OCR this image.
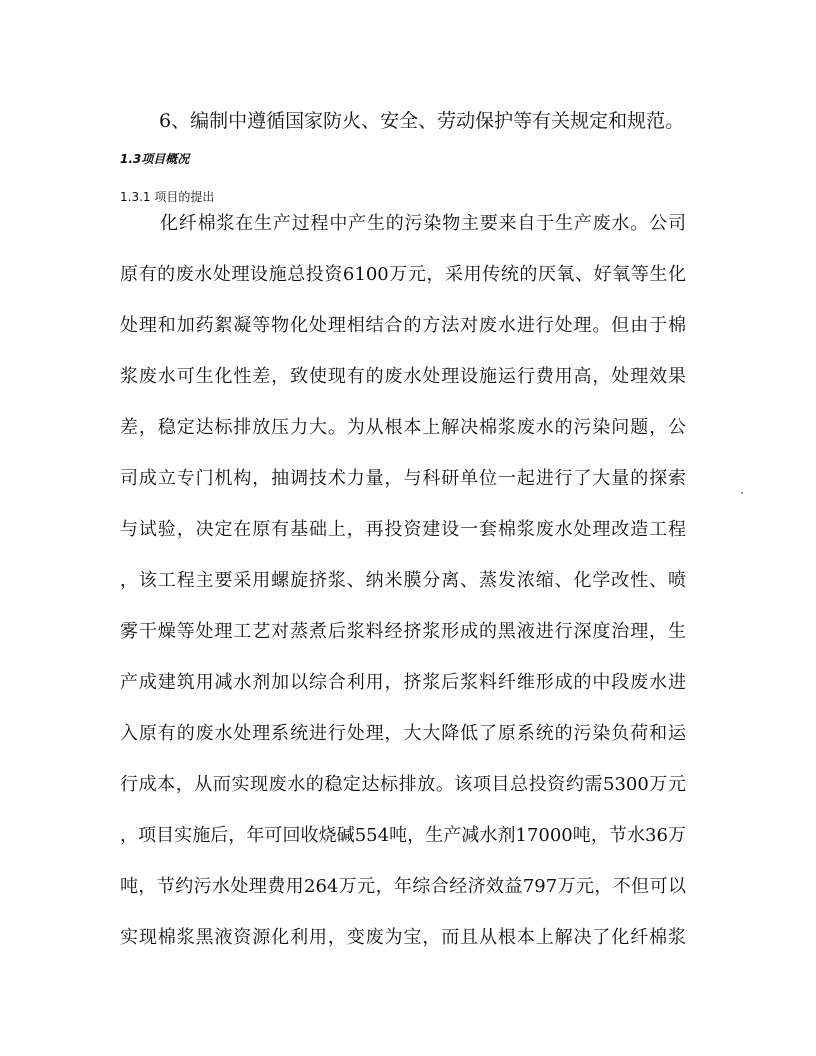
6、编制中遵循国家防火、安全、劳动保护等有关规定和规范。
1.3项目概况
1.3.1 项目的提出
化纤棉浆在生产过程中产生的污染物主要来自于生产废水。公司
原有的废水处理设施总投资6100万元，采用传统的厌氧、好氧等生化
处理和加药絮凝等物化处理相结合的方法对废水进行处理。但由于棉
浆废水可生化性差，致使现有的废水处理设施运行费用高，处理效果
差，稳定达标排放压力大。为从根本上解决棉浆废水的污染问题，公
司成立专门机构，抽调技术力量，与科研单位一起进行了大量的探索
与试验，决定在原有基础上，再投资建设一套棉浆废水处理改造工程
，该工程主要采用螺旋挤浆、纳米膜分离、蒸发浓缩、化学改性、喷
雾干燥等处理工艺对蒸煮后浆料经挤浆形成的黑液进行深度治理，生
产成建筑用减水剂加以综合利用，挤浆后浆料纤维形成的中段废水进
入原有的废水处理系统进行处理，大大降低了原系统的污染负荷和运
行成本，从而实现废水的稳定达标排放。该项目总投资约需5300万元
，项目实施后，年可回收烧碱554吨，生产减水剂17000吨，节水36万
吨，节约污水处理费用264万元，年综合经济效益797万元，不但可以
实现棉浆黑液资源化利用，变废为宝，而且从根本上解决了化纤棉浆
